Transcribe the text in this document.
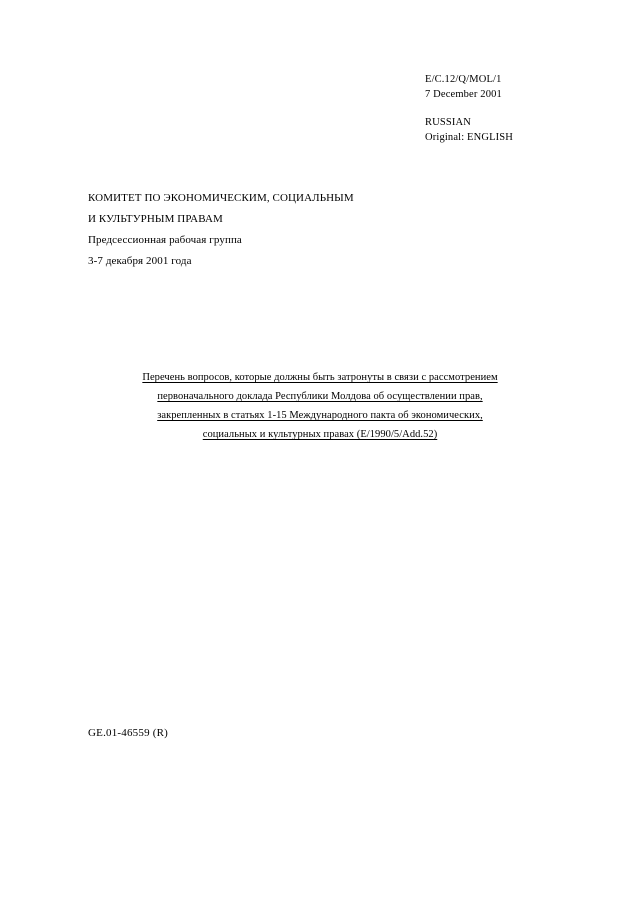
E/C.12/Q/MOL/1
7 December 2001
RUSSIAN
Original: ENGLISH
КОМИТЕТ ПО ЭКОНОМИЧЕСКИМ, СОЦИАЛЬНЫМ
И КУЛЬТУРНЫМ ПРАВАМ
Предсессионная рабочая группа
3-7 декабря 2001 года
Перечень вопросов, которые должны быть затронуты в связи с рассмотрением
первоначального доклада Республики Молдова об осуществлении прав,
закрепленных в статьях 1-15 Международного пакта об экономических,
социальных и культурных правах (E/1990/5/Add.52)
GE.01-46559 (R)
